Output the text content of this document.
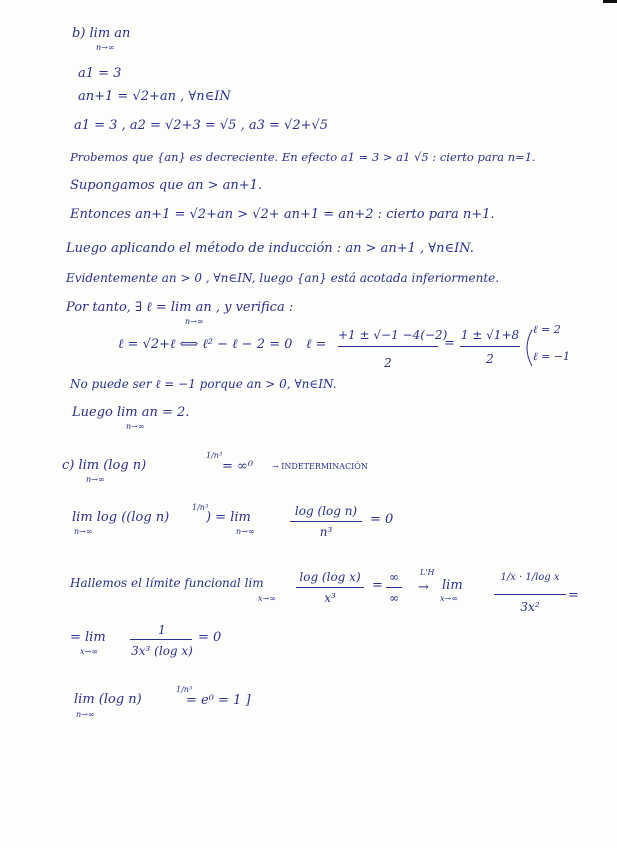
b) lim an
n→∞
a1 = 3
an+1 = √2+an , ∀n∈IN
a1 = 3 , a2 = √2+3 = √5 , a3 = √2+√5
Probemos que {an} es decreciente. En efecto a1 = 3 > a1 √5 : cierto para n=1.
Supongamos que an > an+1.
Entonces an+1 = √2+an > √2+ an+1 = an+2 : cierto para n+1.
Luego aplicando el método de inducción : an > an+1 , ∀n∈IN.
Evidentemente an > 0 , ∀n∈IN, luego {an} está acotada inferiormente.
Por tanto, ∃ ℓ = lim an , y verifica :
n→∞
ℓ = √2+ℓ ⟺ ℓ² − ℓ − 2 = 0 ℓ =
+1 ± √−1 −4(−2)
2
=
1 ± √1+8
2
ℓ = 2
ℓ = −1
No puede ser ℓ = −1 porque an > 0, ∀n∈IN.
Luego lim an = 2.
n→∞
c) lim (log n)
1/n³
= ∞⁰ → INDETERMINACIÓN
n→∞
lim log ((log n)
1/n³
) = lim
n→∞	n→∞
log (log n)
n³
= 0
Hallemos el límite funcional lim
x→∞
log (log x)
x³
=
∞
∞
L'H
→ lim
x→∞
1/x · 1/log x
3x²
=
= lim
x→∞
1
3x³ (log x)
= 0
lim (log n)
1/n³
= e⁰ = 1 ]
n→∞
